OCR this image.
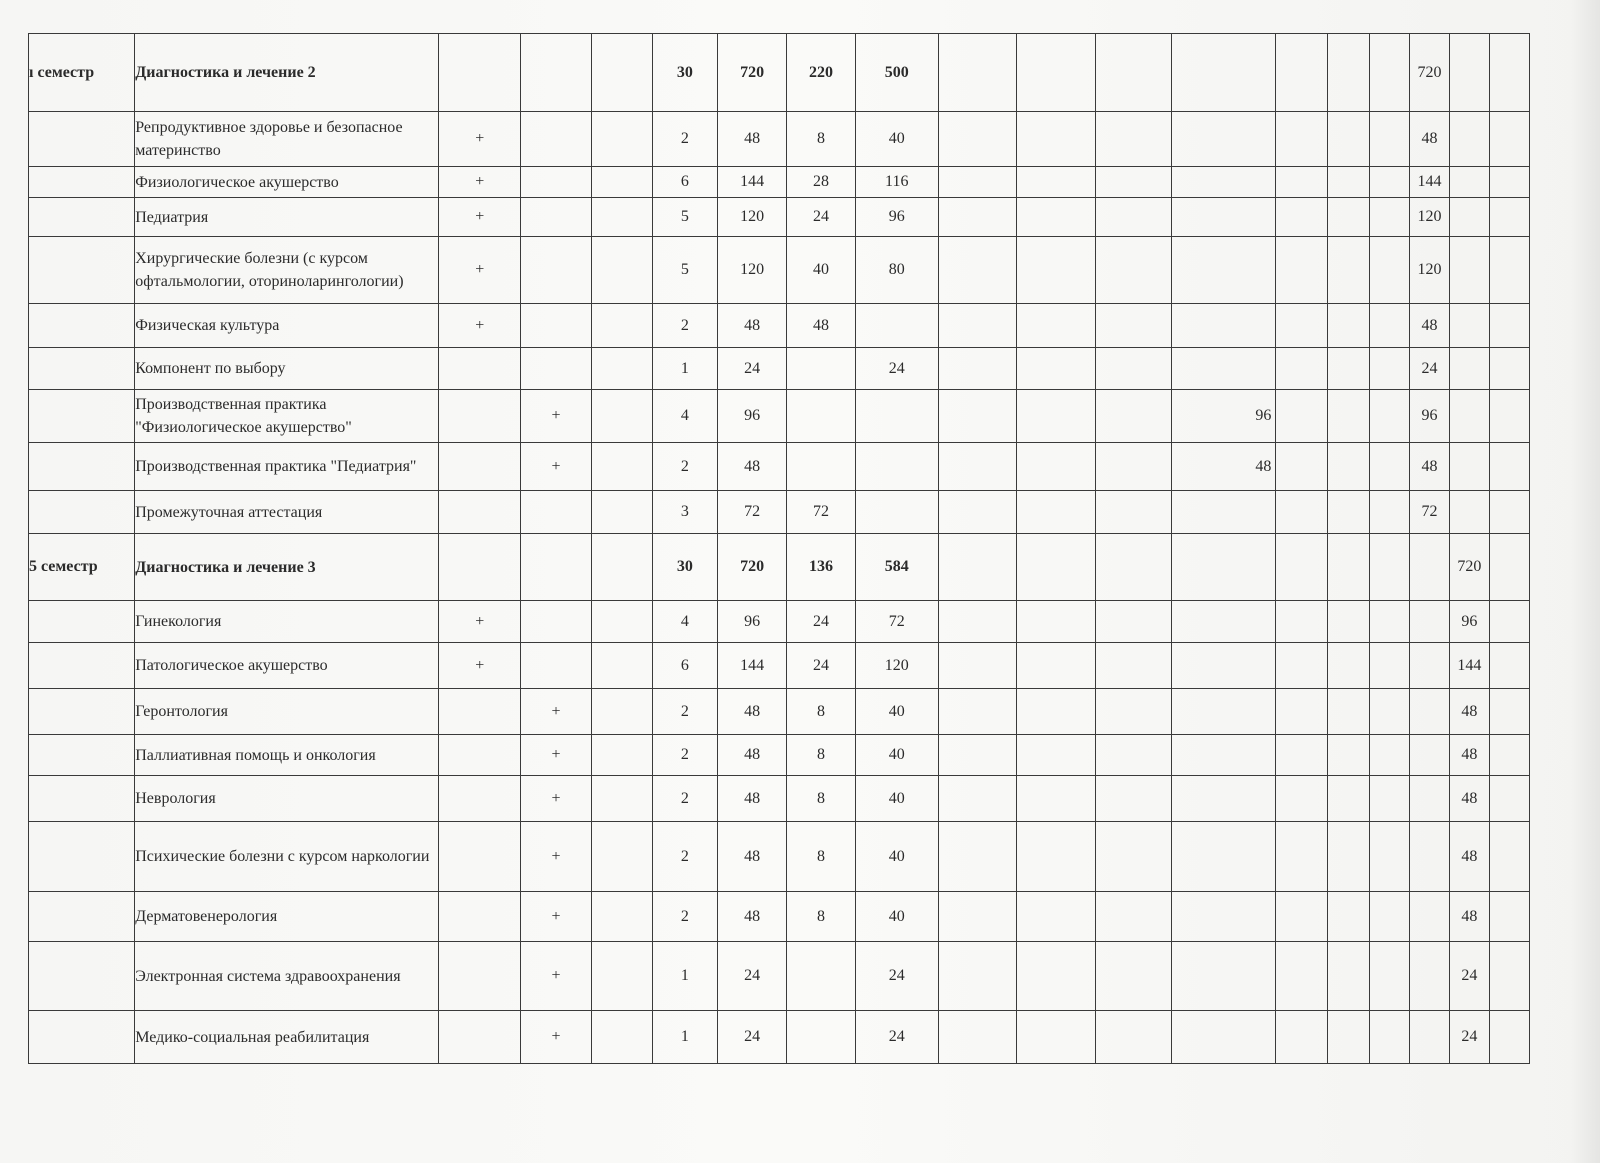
ı семестр	Диагностика и лечение 2				30	720	220	500								720		
	Репродуктивное здоровье и безопасное материнство	+			2	48	8	40								48		
	Физиологическое акушерство	+			6	144	28	116								144		
	Педиатрия	+			5	120	24	96								120		
	Хирургические болезни (с курсом офтальмологии, оториноларингологии)	+			5	120	40	80								120		
	Физическая культура	+			2	48	48									48		
	Компонент по выбору				1	24		24								24		
	Производственная практика "Физиологическое акушерство"		+		4	96						96				96		
	Производственная практика "Педиатрия"		+		2	48						48				48		
	Промежуточная аттестация				3	72	72									72		
5 семестр	Диагностика и лечение 3				30	720	136	584									720	
	Гинекология	+			4	96	24	72									96	
	Патологическое акушерство	+			6	144	24	120									144	
	Геронтология		+		2	48	8	40									48	
	Паллиативная помощь и онкология		+		2	48	8	40									48	
	Неврология		+		2	48	8	40									48	
	Психические болезни с курсом наркологии		+		2	48	8	40									48	
	Дерматовенерология		+		2	48	8	40									48	
	Электронная система здравоохранения		+		1	24		24									24	
	Медико-социальная реабилитация		+		1	24		24									24	
